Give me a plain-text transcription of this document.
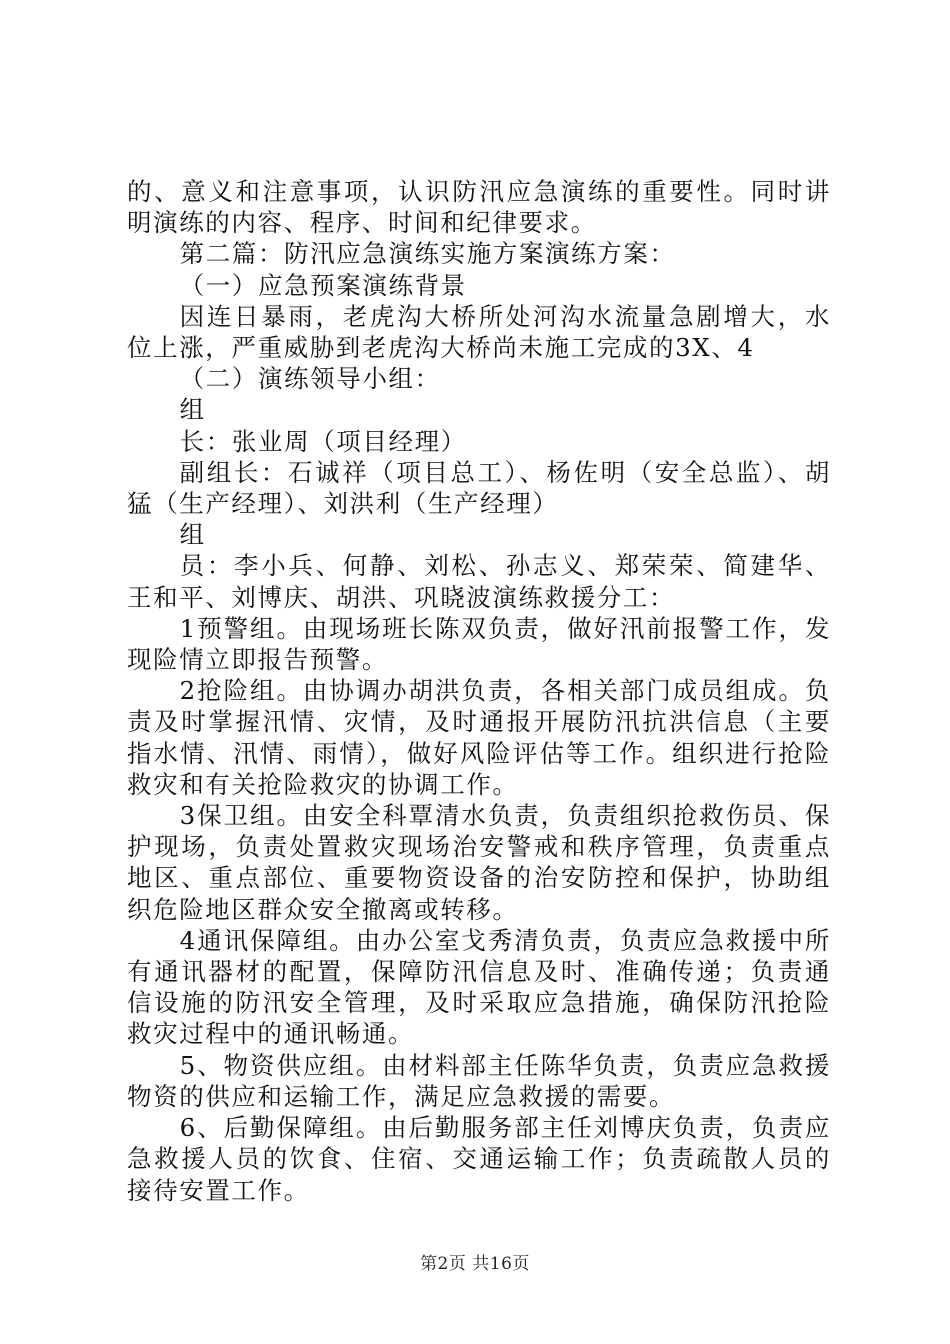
的、意义和注意事项，认识防汛应急演练的重要性。同时讲明演练的内容、程序、时间和纪律要求。

第二篇：防汛应急演练实施方案演练方案：

（一）应急预案演练背景

因连日暴雨，老虎沟大桥所处河沟水流量急剧增大，水位上涨，严重威胁到老虎沟大桥尚未施工完成的3X、4

（二）演练领导小组：

组

长：张业周（项目经理）

副组长：石诚祥（项目总工）、杨佐明（安全总监）、胡猛（生产经理）、刘洪利（生产经理）

组

员：李小兵、何静、刘松、孙志义、郑荣荣、简建华、王和平、刘博庆、胡洪、巩晓波演练救援分工：

1预警组。由现场班长陈双负责，做好汛前报警工作，发现险情立即报告预警。

2抢险组。由协调办胡洪负责，各相关部门成员组成。负责及时掌握汛情、灾情，及时通报开展防汛抗洪信息（主要指水情、汛情、雨情），做好风险评估等工作。组织进行抢险救灾和有关抢险救灾的协调工作。

3保卫组。由安全科覃清水负责，负责组织抢救伤员、保护现场，负责处置救灾现场治安警戒和秩序管理，负责重点地区、重点部位、重要物资设备的治安防控和保护，协助组织危险地区群众安全撤离或转移。

4通讯保障组。由办公室戈秀清负责，负责应急救援中所有通讯器材的配置，保障防汛信息及时、准确传递；负责通信设施的防汛安全管理，及时采取应急措施，确保防汛抢险救灾过程中的通讯畅通。

5、物资供应组。由材料部主任陈华负责，负责应急救援物资的供应和运输工作，满足应急救援的需要。

6、后勤保障组。由后勤服务部主任刘博庆负责，负责应急救援人员的饮食、住宿、交通运输工作；负责疏散人员的接待安置工作。

第2页 共16页
